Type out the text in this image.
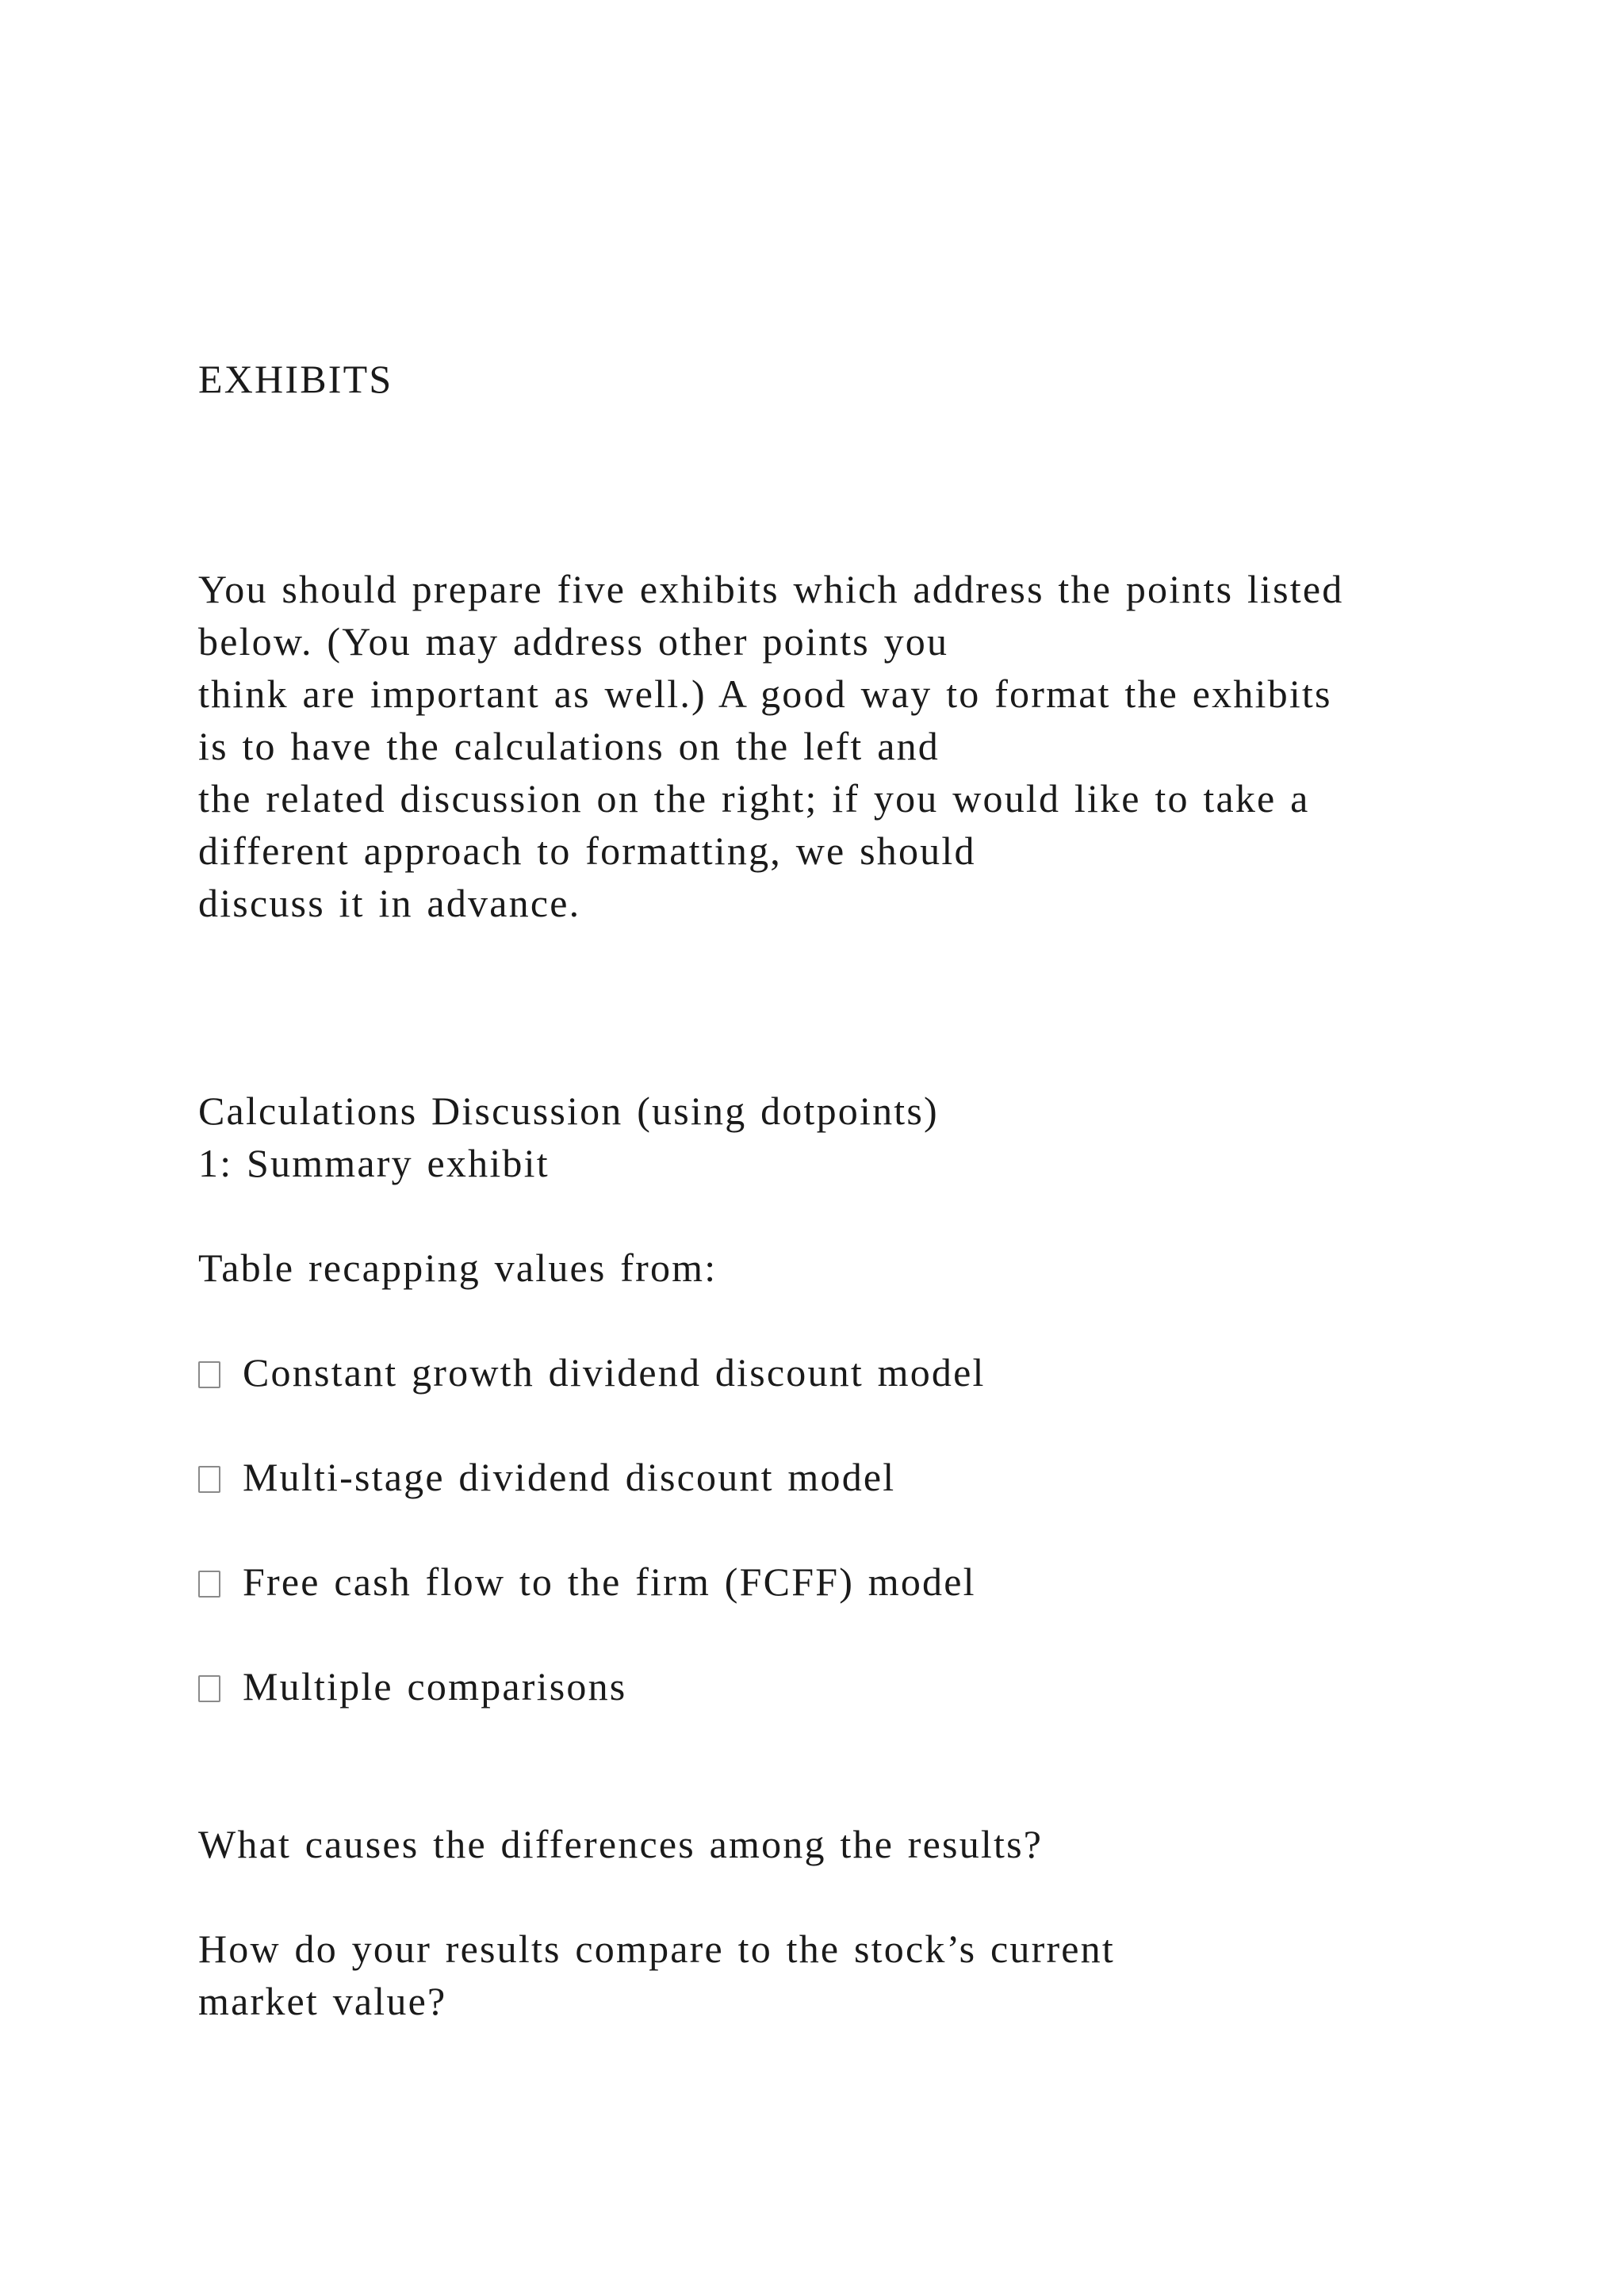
EXHIBITS

You should prepare five exhibits which address the points listed

below. (You may address other points you

think are important as well.) A good way to format the exhibits

is to have the calculations on the left and

the related discussion on the right; if you would like to take a

different approach to formatting, we should

discuss it in advance.

Calculations Discussion (using dotpoints)

1: Summary exhibit

Table recapping values from:

Constant growth dividend discount model

Multi-stage dividend discount model

Free cash flow to the firm (FCFF) model

Multiple comparisons

What causes the differences among the results?

How do your results compare to the stock’s current

market value?
